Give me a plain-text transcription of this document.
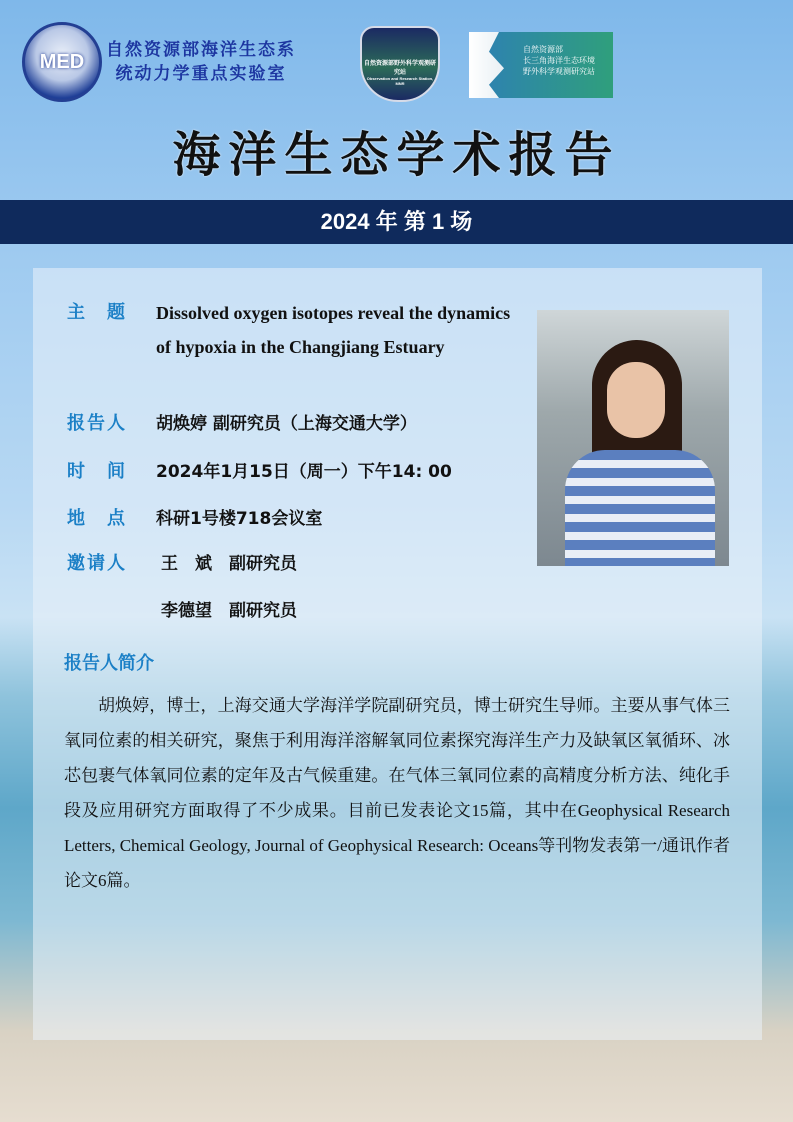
MED
自然资源部海洋生态系
统动力学重点实验室	自然资源部野外科学观测研究站
Observation and Research Station, MNR
自然资源部
长三角海洋生态环境
野外科学观测研究站
海洋生态学术报告
2024 年 第 1 场
主　题 Dissolved oxygen isotopes reveal the dynamics of hypoxia in the Changjiang Estuary
报告人 胡焕婷 副研究员（上海交通大学）
时　间 2024年1月15日（周一）下午14: 00
地　点 科研1号楼718会议室
邀请人 王　斌　副研究员
李德望　副研究员
报告人简介
胡焕婷，博士，上海交通大学海洋学院副研究员，博士研究生导师。主要从事气体三氧同位素的相关研究，聚焦于利用海洋溶解氧同位素探究海洋生产力及缺氧区氧循环、冰芯包裹气体氧同位素的定年及古气候重建。在气体三氧同位素的高精度分析方法、纯化手段及应用研究方面取得了不少成果。目前已发表论文15篇，其中在Geophysical Research Letters, Chemical Geology, Journal of Geophysical Research: Oceans等刊物发表第一/通讯作者论文6篇。
